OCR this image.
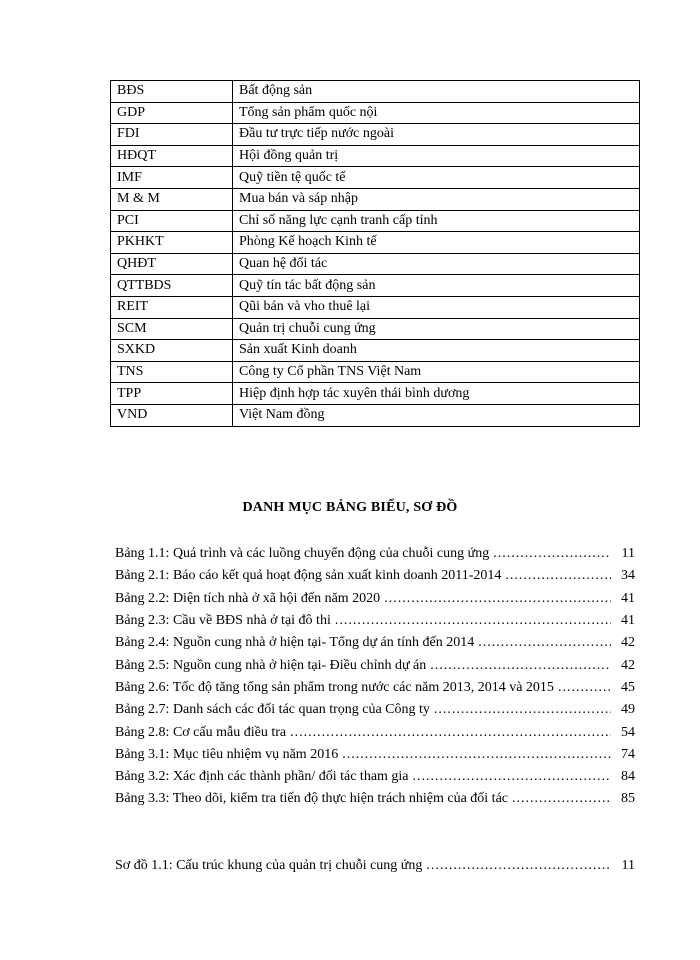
BĐS	Bất động sản
GDP	Tổng sản phẩm quốc nội
FDI	Đầu tư trực tiếp nước ngoài
HĐQT	Hội đồng quản trị
IMF	Quỹ tiền tệ quốc tế
M & M	Mua bán và sáp nhập
PCI	Chỉ số năng lực cạnh tranh cấp tỉnh
PKHKT	Phòng Kế hoạch Kinh tế
QHĐT	Quan hệ đối tác
QTTBDS	Quỹ tín tác bất động sản
REIT	Qũi bán và vho thuê lại
SCM	Quản trị chuỗi cung ứng
SXKD	Sản xuất Kinh doanh
TNS	Công ty Cổ phần TNS Việt Nam
TPP	Hiệp định hợp tác xuyên thái bình dương
VND	Việt Nam đồng
DANH MỤC BẢNG BIỂU, SƠ ĐỒ
Bảng 1.1: Quá trình và các luồng chuyển động của chuỗi cung ứng .....	11
Bảng 2.1: Báo cáo kết quả hoạt động sản xuất kinh doanh 2011-2014 .....	34
Bảng 2.2: Diện tích nhà ở xã hội đến năm 2020 .....	41
Bảng 2.3: Cầu về BĐS nhà ở tại đô thi .....	41
Bảng 2.4: Nguồn cung nhà ở hiện tại- Tổng dự án tính đến 2014 .....	42
Bảng 2.5: Nguồn cung nhà ở hiện tại- Điều chỉnh dự án .....	42
Bảng 2.6: Tốc độ tăng tổng sản phẩm trong nước các năm 2013, 2014 và 2015 .....	45
Bảng 2.7: Danh sách các đối tác quan trọng của Công ty .....	49
Bảng 2.8: Cơ cấu mẫu điều tra .....	54
Bảng 3.1: Mục tiêu nhiệm vụ năm 2016 .....	74
Bảng 3.2: Xác định các thành phần/ đối tác tham gia .....	84
Bảng 3.3: Theo dõi, kiểm tra tiến độ thực hiện trách nhiệm của đối tác .....	85
Sơ đồ 1.1: Cấu trúc khung của quản trị chuỗi cung ứng .....	11
